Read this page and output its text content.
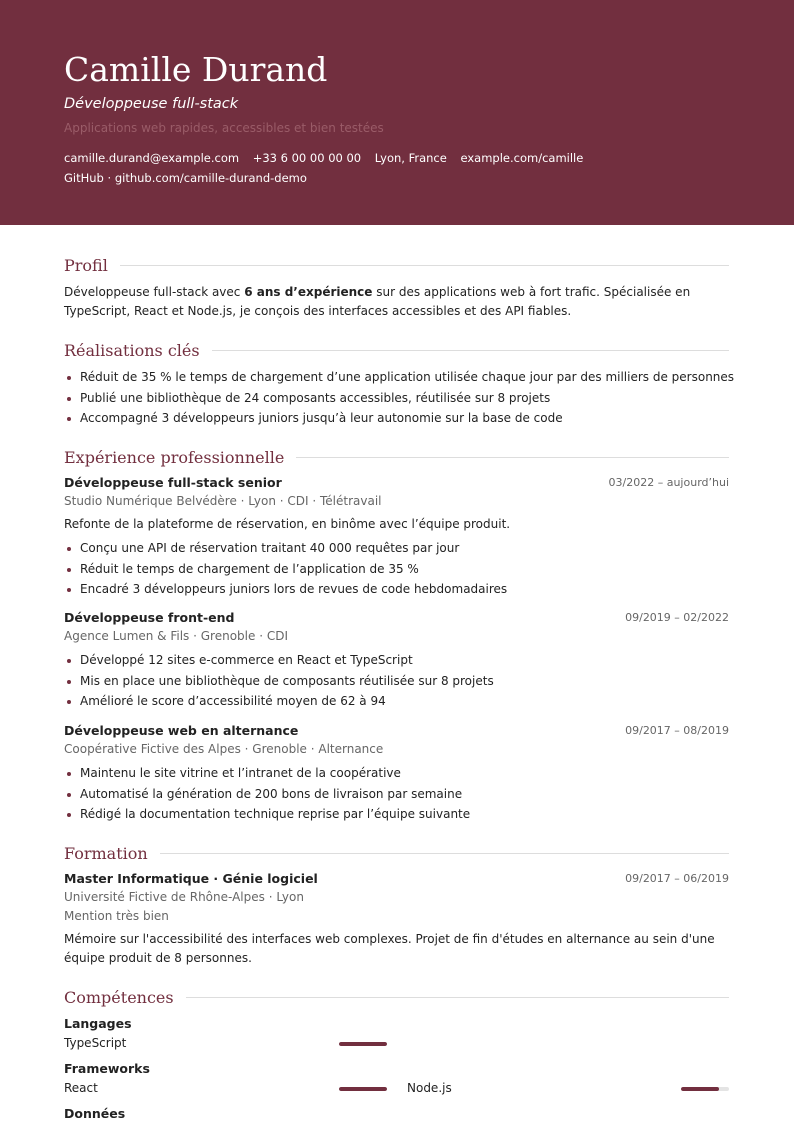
Camille Durand
Développeuse full-stack
Applications web rapides, accessibles et bien testées
camille.durand@example.com +33 6 00 00 00 00 Lyon, France example.com/camille
GitHub · github.com/camille-durand-demo
Profil
Développeuse full-stack avec 6 ans d’expérience sur des applications web à fort trafic. Spécialisée en TypeScript, React et Node.js, je conçois des interfaces accessibles et des API fiables.
Réalisations clés
Réduit de 35 % le temps de chargement d’une application utilisée chaque jour par des milliers de personnes
Publié une bibliothèque de 24 composants accessibles, réutilisée sur 8 projets
Accompagné 3 développeurs juniors jusqu’à leur autonomie sur la base de code
Expérience professionnelle
Développeuse full-stack senior	03/2022 – aujourd’hui
Studio Numérique Belvédère · Lyon · CDI · Télétravail
Refonte de la plateforme de réservation, en binôme avec l’équipe produit.
Conçu une API de réservation traitant 40 000 requêtes par jour
Réduit le temps de chargement de l’application de 35 %
Encadré 3 développeurs juniors lors de revues de code hebdomadaires
Développeuse front-end	09/2019 – 02/2022
Agence Lumen & Fils · Grenoble · CDI
Développé 12 sites e-commerce en React et TypeScript
Mis en place une bibliothèque de composants réutilisée sur 8 projets
Amélioré le score d’accessibilité moyen de 62 à 94
Développeuse web en alternance	09/2017 – 08/2019
Coopérative Fictive des Alpes · Grenoble · Alternance
Maintenu le site vitrine et l’intranet de la coopérative
Automatisé la génération de 200 bons de livraison par semaine
Rédigé la documentation technique reprise par l’équipe suivante
Formation
Master Informatique · Génie logiciel	09/2017 – 06/2019
Université Fictive de Rhône-Alpes · Lyon
Mention très bien
Mémoire sur l'accessibilité des interfaces web complexes. Projet de fin d'études en alternance au sein d'une équipe produit de 8 personnes.
Compétences
Langages
TypeScript
Frameworks
React	Node.js
Données
